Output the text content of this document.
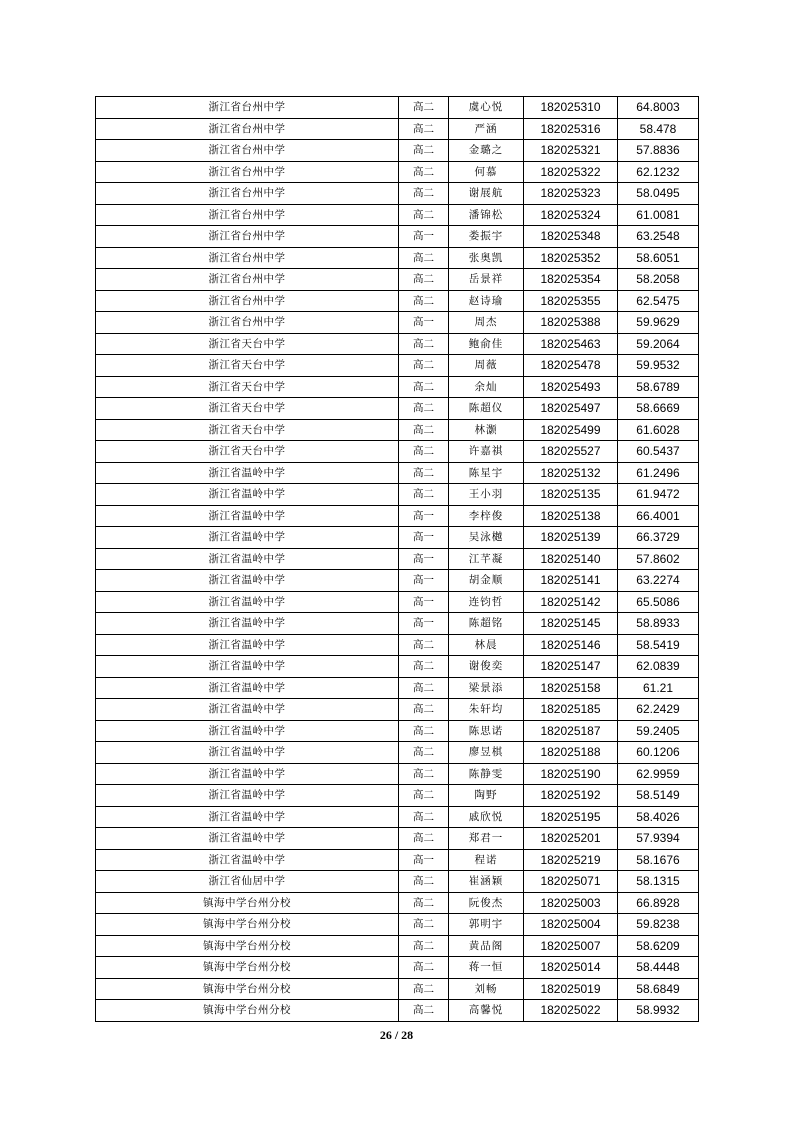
浙江省台州中学	高二	虞心悦	182025310	64.8003
浙江省台州中学	高二	严涵	182025316	58.478
浙江省台州中学	高二	金璐之	182025321	57.8836
浙江省台州中学	高二	何慕	182025322	62.1232
浙江省台州中学	高二	谢展航	182025323	58.0495
浙江省台州中学	高二	潘锦松	182025324	61.0081
浙江省台州中学	高一	娄振宇	182025348	63.2548
浙江省台州中学	高二	张奥凯	182025352	58.6051
浙江省台州中学	高二	岳景祥	182025354	58.2058
浙江省台州中学	高二	赵诗瑜	182025355	62.5475
浙江省台州中学	高一	周杰	182025388	59.9629
浙江省天台中学	高二	鲍俞佳	182025463	59.2064
浙江省天台中学	高二	周薇	182025478	59.9532
浙江省天台中学	高二	余灿	182025493	58.6789
浙江省天台中学	高二	陈超仪	182025497	58.6669
浙江省天台中学	高二	林灏	182025499	61.6028
浙江省天台中学	高二	许嘉祺	182025527	60.5437
浙江省温岭中学	高二	陈星宇	182025132	61.2496
浙江省温岭中学	高二	王小羽	182025135	61.9472
浙江省温岭中学	高一	李梓俊	182025138	66.4001
浙江省温岭中学	高一	吴泳樾	182025139	66.3729
浙江省温岭中学	高一	江芊凝	182025140	57.8602
浙江省温岭中学	高一	胡金顺	182025141	63.2274
浙江省温岭中学	高一	连钧哲	182025142	65.5086
浙江省温岭中学	高一	陈超铭	182025145	58.8933
浙江省温岭中学	高二	林晨	182025146	58.5419
浙江省温岭中学	高二	谢俊奕	182025147	62.0839
浙江省温岭中学	高二	梁景添	182025158	61.21
浙江省温岭中学	高二	朱轩均	182025185	62.2429
浙江省温岭中学	高二	陈思诺	182025187	59.2405
浙江省温岭中学	高二	廖昱棋	182025188	60.1206
浙江省温岭中学	高二	陈静雯	182025190	62.9959
浙江省温岭中学	高二	陶野	182025192	58.5149
浙江省温岭中学	高二	戚欣悦	182025195	58.4026
浙江省温岭中学	高二	郑君一	182025201	57.9394
浙江省温岭中学	高一	程诺	182025219	58.1676
浙江省仙居中学	高二	崔涵颖	182025071	58.1315
镇海中学台州分校	高二	阮俊杰	182025003	66.8928
镇海中学台州分校	高二	郭明宇	182025004	59.8238
镇海中学台州分校	高二	黄品阁	182025007	58.6209
镇海中学台州分校	高二	蒋一恒	182025014	58.4448
镇海中学台州分校	高二	刘畅	182025019	58.6849
镇海中学台州分校	高二	高馨悦	182025022	58.9932
26 / 28
